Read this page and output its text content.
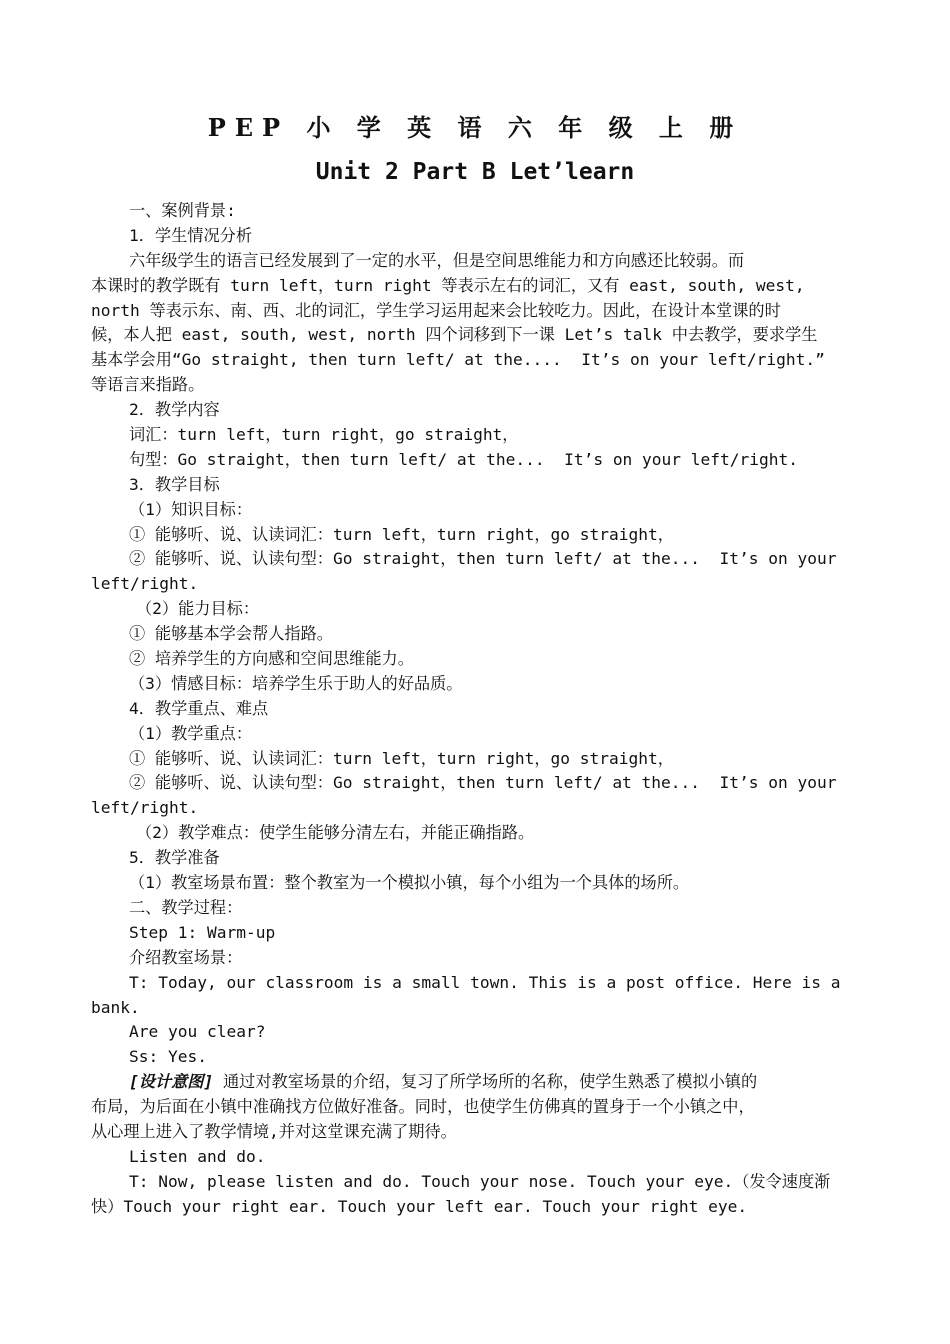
PEP 小 学 英 语 六 年 级 上 册
Unit 2 Part B Let’learn
一、案例背景:
1．学生情况分析
六年级学生的语言已经发展到了一定的水平，但是空间思维能力和方向感还比较弱。而
本课时的教学既有 turn left，turn right 等表示左右的词汇，又有 east, south, west,
north 等表示东、南、西、北的词汇，学生学习运用起来会比较吃力。因此，在设计本堂课的时
候，本人把 east, south, west, north 四个词移到下一课 Let’s talk 中去教学，要求学生
基本学会用“Go straight, then turn left/ at the....  It’s on your left/right.”
等语言来指路。
2．教学内容
词汇：turn left，turn right，go straight，
句型：Go straight，then turn left/ at the...  It’s on your left/right.
3．教学目标
（1）知识目标：
① 能够听、说、认读词汇：turn left，turn right，go straight，
② 能够听、说、认读句型：Go straight，then turn left/ at the...  It’s on your
left/right.
（2）能力目标：
① 能够基本学会帮人指路。
② 培养学生的方向感和空间思维能力。
（3）情感目标：培养学生乐于助人的好品质。
4．教学重点、难点
（1）教学重点：
① 能够听、说、认读词汇：turn left，turn right，go straight，
② 能够听、说、认读句型：Go straight，then turn left/ at the...  It’s on your
left/right.
（2）教学难点：使学生能够分清左右，并能正确指路。
5．教学准备
（1）教室场景布置：整个教室为一个模拟小镇，每个小组为一个具体的场所。
二、教学过程：
Step 1: Warm-up
介绍教室场景：
T: Today, our classroom is a small town. This is a post office. Here is a
bank.
Are you clear?
Ss: Yes.
[设计意图] 通过对教室场景的介绍，复习了所学场所的名称，使学生熟悉了模拟小镇的
布局，为后面在小镇中准确找方位做好准备。同时，也使学生仿佛真的置身于一个小镇之中，
从心理上进入了教学情境,并对这堂课充满了期待。
Listen and do.
T: Now, please listen and do. Touch your nose. Touch your eye.（发令速度渐
快）Touch your right ear. Touch your left ear. Touch your right eye.
